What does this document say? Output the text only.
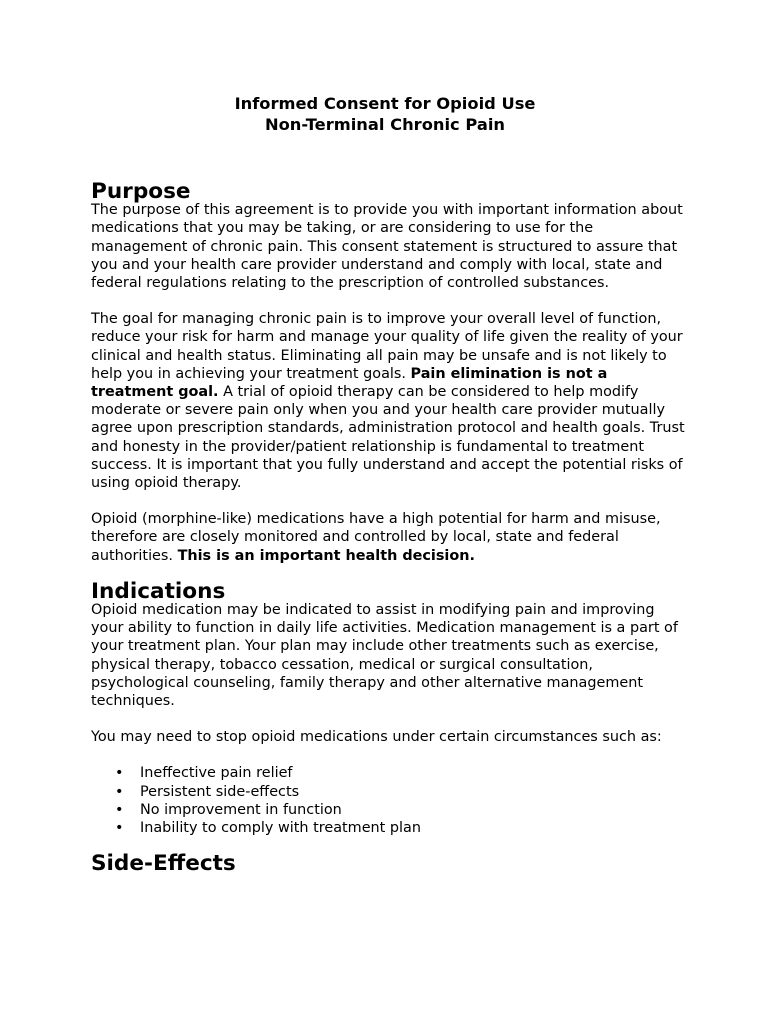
Informed Consent for Opioid Use
Non-Terminal Chronic Pain
Purpose

The purpose of this agreement is to provide you with important information about medications that you may be taking, or are considering to use for the management of chronic pain. This consent statement is structured to assure that you and your health care provider understand and comply with local, state and federal regulations relating to the prescription of controlled substances.

The goal for managing chronic pain is to improve your overall level of function, reduce your risk for harm and manage your quality of life given the reality of your clinical and health status. Eliminating all pain may be unsafe and is not likely to help you in achieving your treatment goals. Pain elimination is not a treatment goal. A trial of opioid therapy can be considered to help modify moderate or severe pain only when you and your health care provider mutually agree upon prescription standards, administration protocol and health goals. Trust and honesty in the provider/patient relationship is fundamental to treatment success. It is important that you fully understand and accept the potential risks of using opioid therapy.

Opioid (morphine-like) medications have a high potential for harm and misuse, therefore are closely monitored and controlled by local, state and federal authorities. This is an important health decision.

Indications

Opioid medication may be indicated to assist in modifying pain and improving your ability to function in daily life activities. Medication management is a part of your treatment plan. Your plan may include other treatments such as exercise, physical therapy, tobacco cessation, medical or surgical consultation, psychological counseling, family therapy and other alternative management techniques.

You may need to stop opioid medications under certain circumstances such as:

• Ineffective pain relief
• Persistent side-effects
• No improvement in function
• Inability to comply with treatment plan
Side-Effects
